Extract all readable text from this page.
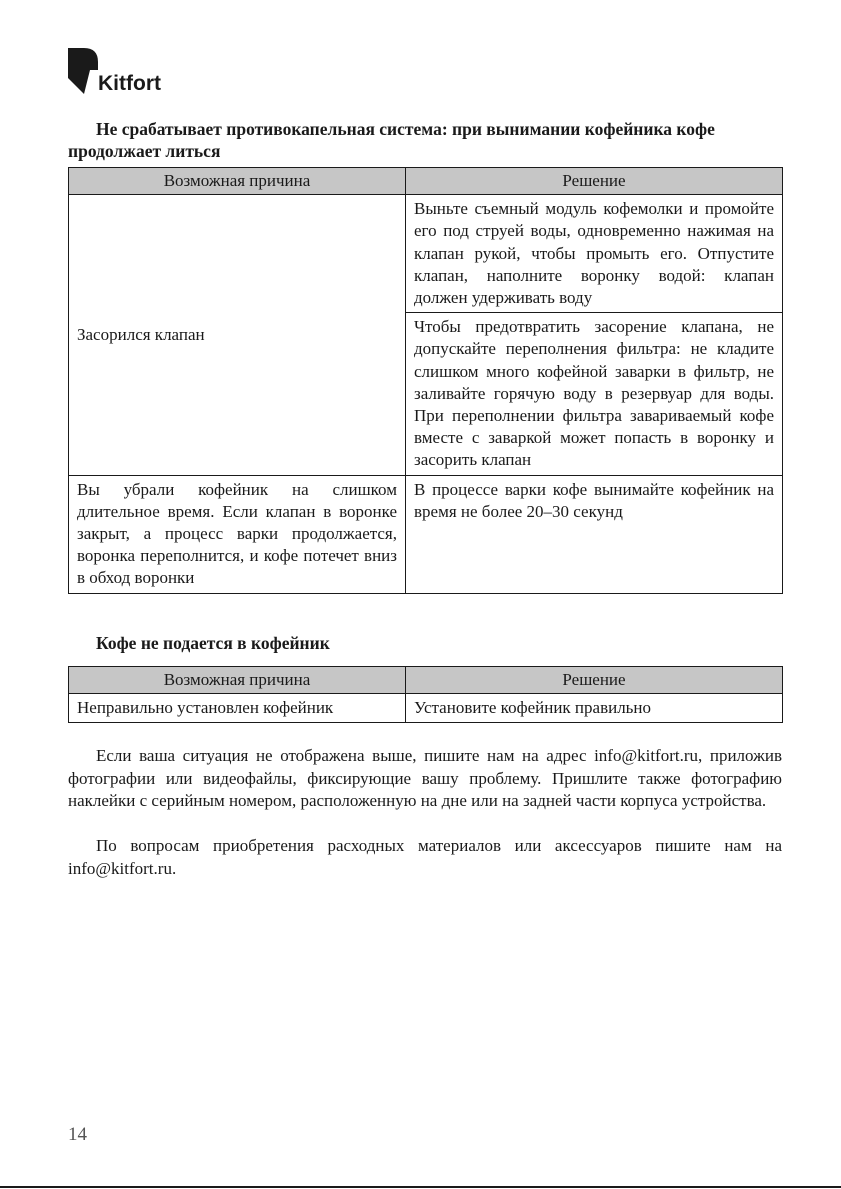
Kitfort

Не срабатывает противокапельная система: при вынимании кофейника кофе продолжает литься

Возможная причина	Решение
Засорился клапан	Выньте съемный модуль кофемолки и промойте его под струей воды, одновременно нажимая на клапан рукой, чтобы промыть его. Отпустите клапан, наполните воронку водой: клапан должен удерживать воду
	Чтобы предотвратить засорение клапана, не допускайте переполнения фильтра: не кладите слишком много кофейной заварки в фильтр, не заливайте горячую воду в резервуар для воды. При переполнении фильтра завариваемый кофе вместе с заваркой может попасть в воронку и засорить клапан
Вы убрали кофейник на слишком длительное время. Если клапан в воронке закрыт, а процесс варки продолжается, воронка переполнится, и кофе потечет вниз в обход воронки	В процессе варки кофе вынимайте кофейник на время не более 20–30 секунд

Кофе не подается в кофейник

Возможная причина	Решение
Неправильно установлен кофейник	Установите кофейник правильно

Если ваша ситуация не отображена выше, пишите нам на адрес info@kitfort.ru, приложив фотографии или видеофайлы, фиксирующие вашу проблему. Пришлите также фотографию наклейки с серийным номером, расположенную на дне или на задней части корпуса устройства.

По вопросам приобретения расходных материалов или аксессуаров пишите нам на info@kitfort.ru.

14
